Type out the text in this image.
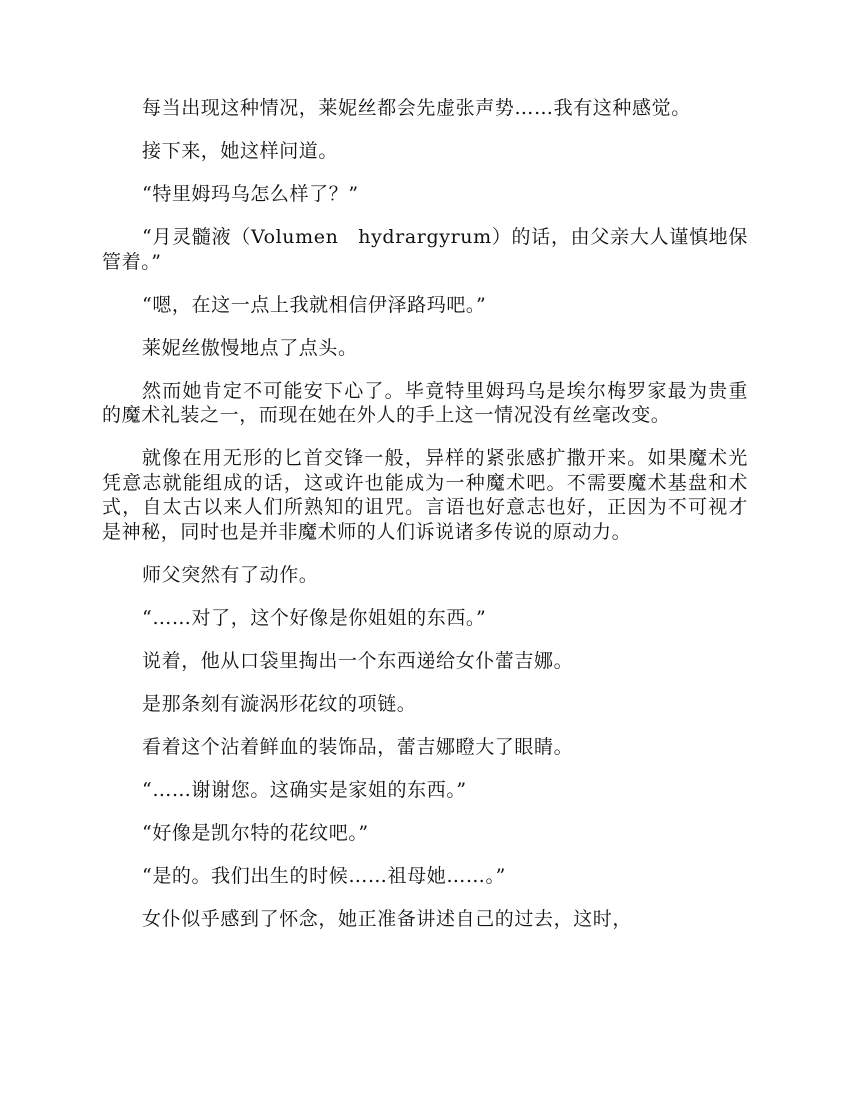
每当出现这种情况，莱妮丝都会先虚张声势……我有这种感觉。

接下来，她这样问道。

“特里姆玛乌怎么样了？”

“月灵髓液（Volumen　hydrargyrum）的话，由父亲大人谨慎地保管着。”

“嗯，在这一点上我就相信伊泽路玛吧。”

莱妮丝傲慢地点了点头。

然而她肯定不可能安下心了。毕竟特里姆玛乌是埃尔梅罗家最为贵重的魔术礼装之一，而现在她在外人的手上这一情况没有丝毫改变。

就像在用无形的匕首交锋一般，异样的紧张感扩撒开来。如果魔术光凭意志就能组成的话，这或许也能成为一种魔术吧。不需要魔术基盘和术式，自太古以来人们所熟知的诅咒。言语也好意志也好，正因为不可视才是神秘，同时也是并非魔术师的人们诉说诸多传说的原动力。

师父突然有了动作。

“……对了，这个好像是你姐姐的东西。”

说着，他从口袋里掏出一个东西递给女仆蕾吉娜。

是那条刻有漩涡形花纹的项链。

看着这个沾着鲜血的装饰品，蕾吉娜瞪大了眼睛。

“……谢谢您。这确实是家姐的东西。”

“好像是凯尔特的花纹吧。”

“是的。我们出生的时候……祖母她……。”

女仆似乎感到了怀念，她正准备讲述自己的过去，这时，
